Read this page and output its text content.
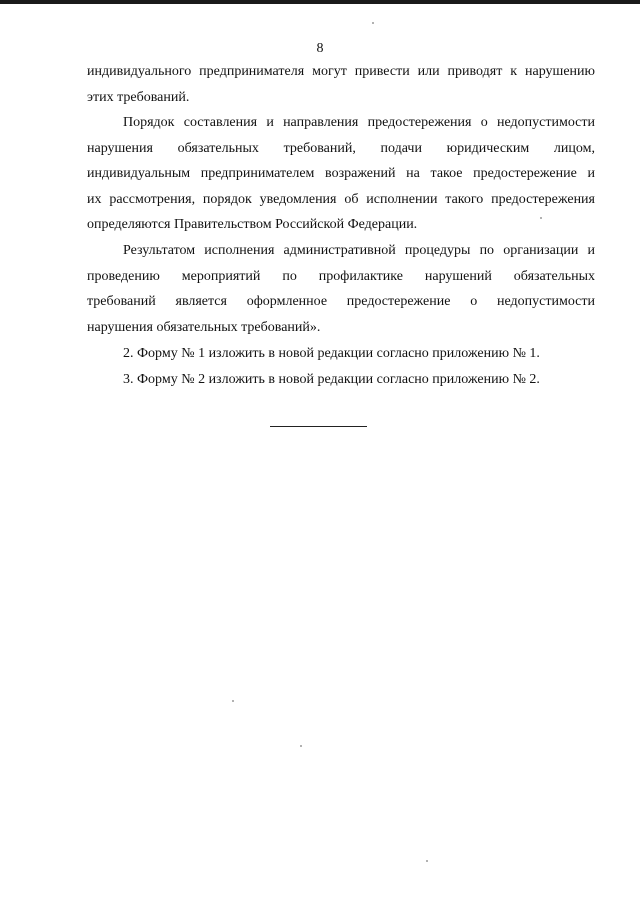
8
индивидуального предпринимателя могут привести или приводят к нарушению
этих требований.
Порядок составления и направления предостережения о недопустимости
нарушения обязательных требований, подачи юридическим лицом,
индивидуальным предпринимателем возражений на такое предостережение и
их рассмотрения, порядок уведомления об исполнении такого предостережения
определяются Правительством Российской Федерации.
Результатом исполнения административной процедуры по организации и
проведению мероприятий по профилактике нарушений обязательных
требований является оформленное предостережение о недопустимости
нарушения обязательных требований».
2. Форму № 1 изложить в новой редакции согласно приложению № 1.
3. Форму № 2 изложить в новой редакции согласно приложению № 2.
